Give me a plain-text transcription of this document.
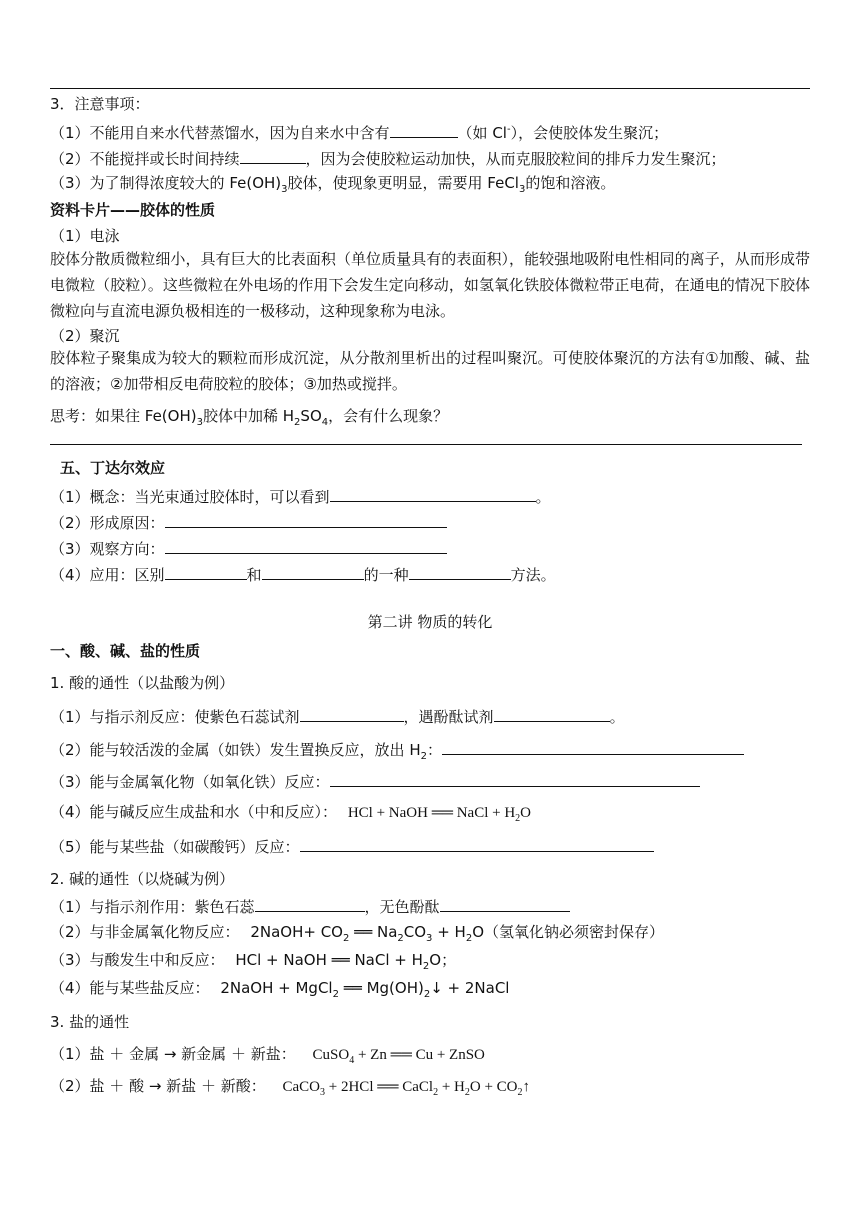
3．注意事项：
（1）不能用自来水代替蒸馏水，因为自来水中含有	（如 Cl-），会使胶体发生聚沉；
（2）不能搅拌或长时间持续	，因为会使胶粒运动加快，从而克服胶粒间的排斥力发生聚沉；
（3）为了制得浓度较大的 $Fe(OH)_3$胶体，使现象更明显，需要用 FeCl$_3$的饱和溶液。
资料卡片——胶体的性质
（1）电泳
胶体分散质微粒细小，具有巨大的比表面积（单位质量具有的表面积），能较强地吸附电性相同的离子，从而形成带电微粒（胶粒）。这些微粒在外电场的作用下会发生定向移动，如氢氧化铁胶体微粒带正电荷，在通电的情况下胶体微粒向与直流电源负极相连的一极移动，这种现象称为电泳。
（2）聚沉
胶体粒子聚集成为较大的颗粒而形成沉淀，从分散剂里析出的过程叫聚沉。可使胶体聚沉的方法有①加酸、碱、盐的溶液；②加带相反电荷胶粒的胶体；③加热或搅拌。
思考：如果往 $Fe(OH)_3$胶体中加稀 $H_2SO_4$，会有什么现象？
五、丁达尔效应
（1）概念：当光束通过胶体时，可以看到	。
（2）形成原因：
（3）观察方向：
（4）应用：区别	和	的一种	方法。
第二讲 物质的转化
一、酸、碱、盐的性质
1. 酸的通性（以盐酸为例）
（1）与指示剂反应：使紫色石蕊试剂	，遇酚酞试剂	。
（2）能与较活泼的金属（如铁）发生置换反应，放出 $H_2$：
（3）能与金属氧化物（如氧化铁）反应：
（4）能与碱反应生成盐和水（中和反应）： HCl + NaOH ══ NaCl + $H_2O$
（5）能与某些盐（如碳酸钙）反应：
2. 碱的通性（以烧碱为例）
（1）与指示剂作用：紫色石蕊	，无色酚酞
（2）与非金属氧化物反应： 2NaOH+ $CO_2$ ══ $Na_2CO_3 + H_2O$（氢氧化钠必须密封保存）
（3）与酸发生中和反应： HCl + NaOH ══ NaCl + $H_2O$；
（4）能与某些盐反应： 2NaOH + MgCl$_2$ ══ $Mg(OH)_2↓$ + 2NaCl
3. 盐的通性
（1）盐 ＋ 金属 → 新金属 ＋ 新盐： CuSO$_4$ + Zn ══ Cu + ZnSO
（2）盐 ＋ 酸 → 新盐 ＋ 新酸： CaCO$_3$ + 2HCl ══ CaCl$_2$ + $H_2O$ + $CO_2↑$
